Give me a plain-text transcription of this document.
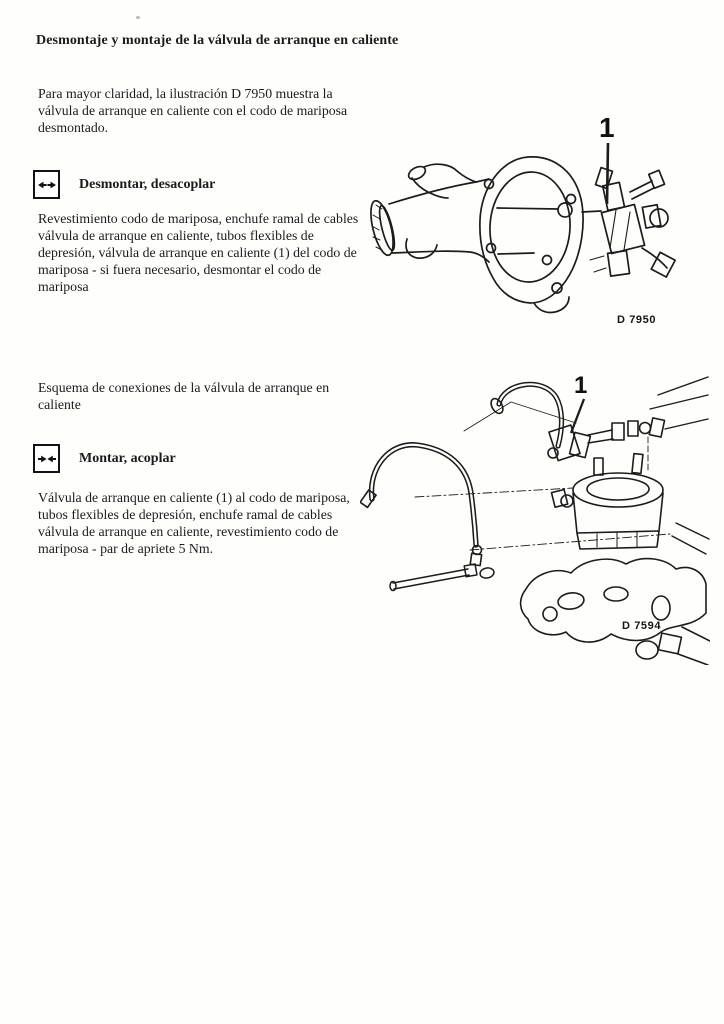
Desmontaje y montaje de la válvula de arranque en caliente
Para mayor claridad, la ilustración D 7950 muestra la válvula de arranque en caliente con el codo de mariposa desmontado.
Desmontar, desacoplar
Revestimiento codo de mariposa, enchufe ramal de cables válvula de arranque en caliente, tubos flexibles de depresión, válvula de arranque en caliente (1) del codo de mariposa - si fuera necesario, desmontar el codo de mariposa
Esquema de conexiones de la válvula de arranque en caliente
Montar, acoplar
Válvula de arranque en caliente (1) al codo de mariposa, tubos flexibles de depresión, enchufe ramal de cables válvula de arranque en caliente, revestimiento codo de mariposa - par de apriete 5 Nm.
1
D 7950
1
D 7594
